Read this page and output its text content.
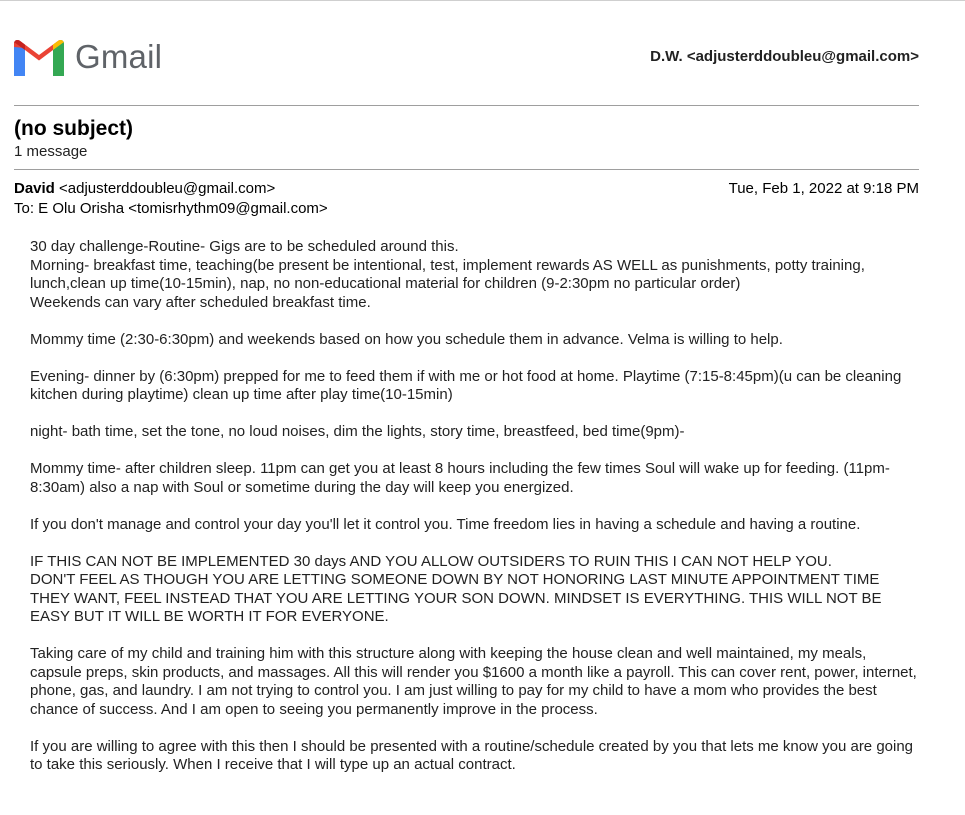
Gmail	D.W. <adjusterddoubleu@gmail.com>
(no subject)
1 message
David <adjusterddoubleu@gmail.com>
To: E Olu Orisha <tomisrhythm09@gmail.com>
Tue, Feb 1, 2022 at 9:18 PM

30 day challenge-Routine- Gigs are to be scheduled around this.
Morning- breakfast time, teaching(be present be intentional, test, implement rewards AS WELL as punishments, potty training, lunch,clean up time(10-15min), nap, no non-educational material for children (9-2:30pm no particular order)
Weekends can vary after scheduled breakfast time.

Mommy time (2:30-6:30pm) and weekends based on how you schedule them in advance. Velma is willing to help.

Evening- dinner by (6:30pm) prepped for me to feed them if with me or hot food at home. Playtime (7:15-8:45pm)(u can be cleaning kitchen during playtime) clean up time after play time(10-15min)

night- bath time, set the tone, no loud noises, dim the lights, story time, breastfeed, bed time(9pm)-

Mommy time- after children sleep. 11pm can get you at least 8 hours including the few times Soul will wake up for feeding. (11pm-8:30am) also a nap with Soul or sometime during the day will keep you energized.

If you don't manage and control your day you'll let it control you. Time freedom lies in having a schedule and having a routine.

IF THIS CAN NOT BE IMPLEMENTED 30 days AND YOU ALLOW OUTSIDERS TO RUIN THIS I CAN NOT HELP YOU.
DON'T FEEL AS THOUGH YOU ARE LETTING SOMEONE DOWN BY NOT HONORING LAST MINUTE APPOINTMENT TIME THEY WANT, FEEL INSTEAD THAT YOU ARE LETTING YOUR SON DOWN. MINDSET IS EVERYTHING. THIS WILL NOT BE EASY BUT IT WILL BE WORTH IT FOR EVERYONE.

Taking care of my child and training him with this structure along with keeping the house clean and well maintained, my meals, capsule preps, skin products, and massages. All this will render you $1600 a month like a payroll. This can cover rent, power, internet, phone, gas, and laundry. I am not trying to control you. I am just willing to pay for my child to have a mom who provides the best chance of success. And I am open to seeing you permanently improve in the process.

If you are willing to agree with this then I should be presented with a routine/schedule created by you that lets me know you are going to take this seriously. When I receive that I will type up an actual contract.
